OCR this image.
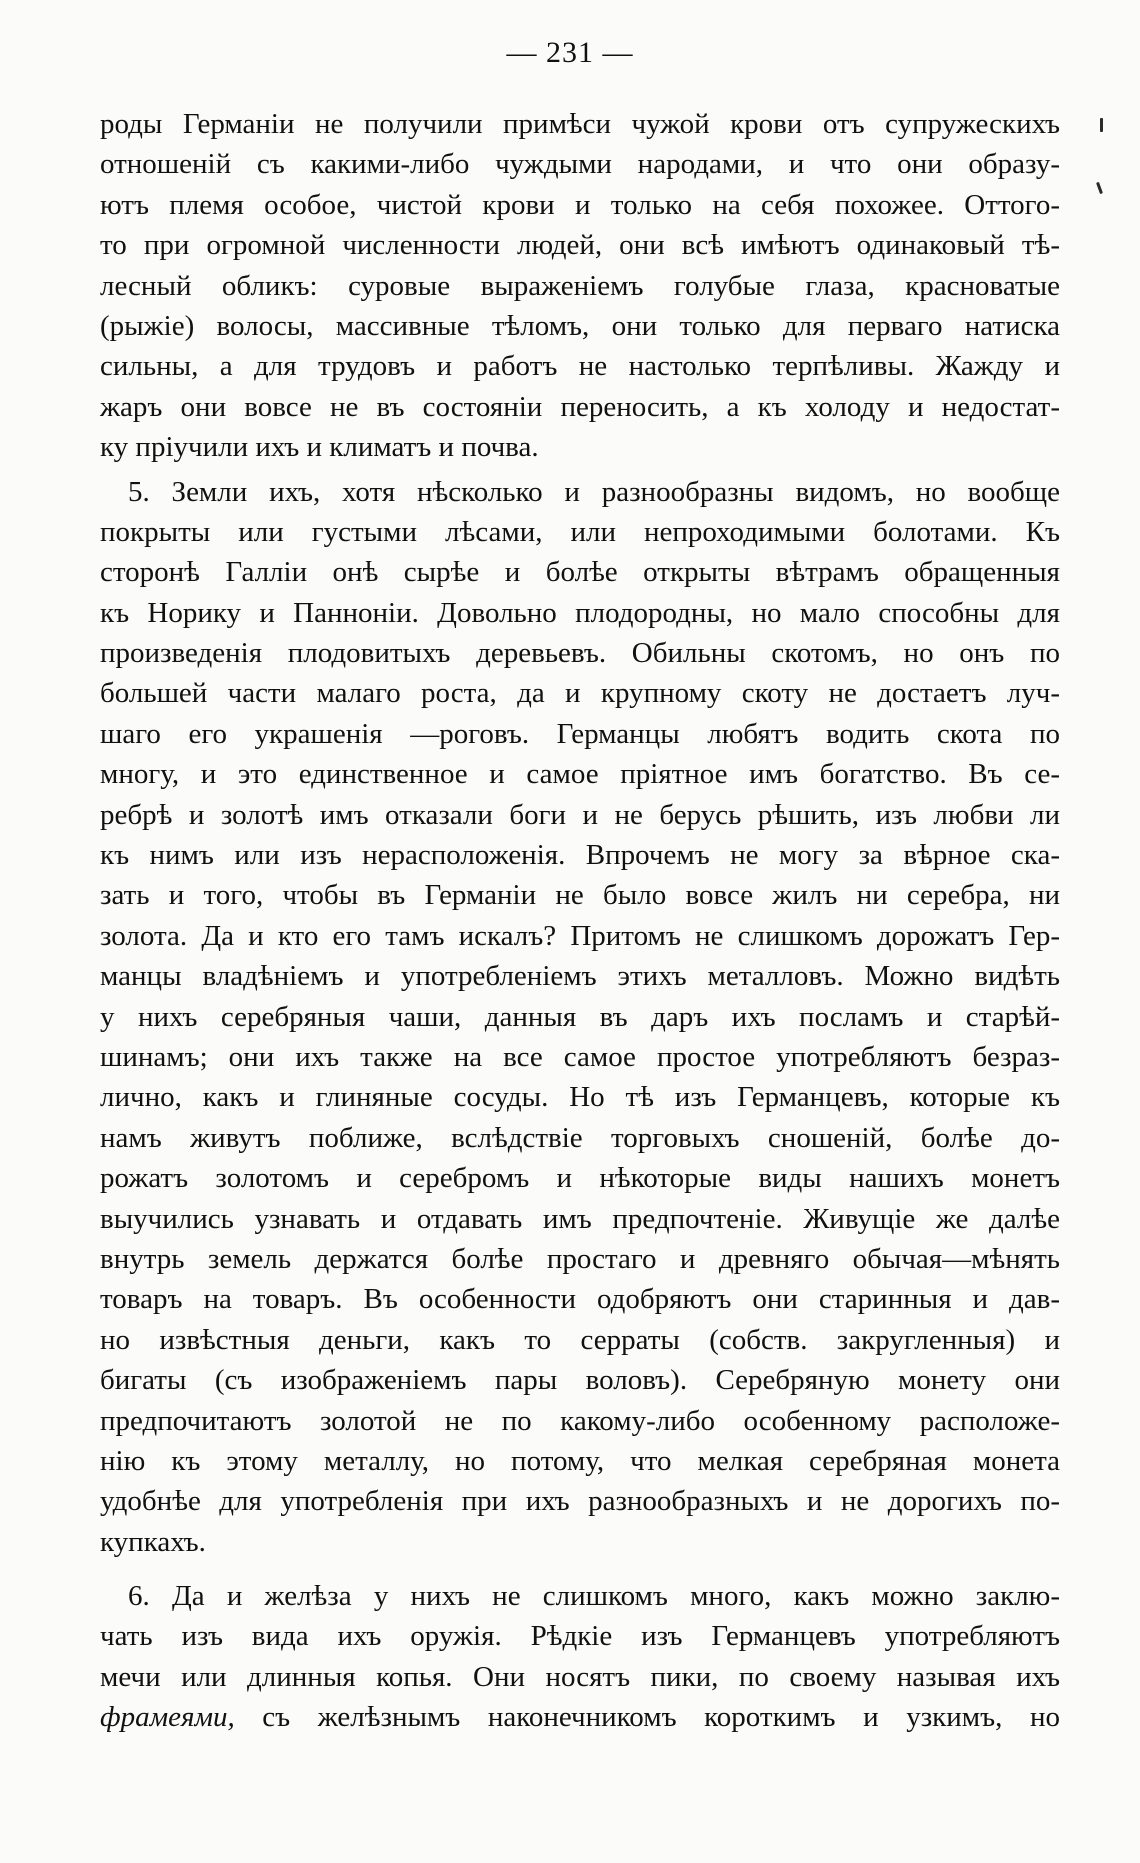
— 231 —
роды Германiи не получили примѣси чужой крови отъ супружескихъ
отношенiй съ какими-либо чуждыми народами, и что они образу-
ютъ племя особое, чистой крови и только на себя похожее. Оттого-
то при огромной численности людей, они всѣ имѣютъ одинаковый тѣ-
лесный обликъ: суровые выраженiемъ голубые глаза, красноватые
(рыжiе) волосы, массивные тѣломъ, они только для перваго натиска
сильны, а для трудовъ и работъ не настолько терпѣливы. Жажду и
жаръ они вовсе не въ состоянiи переносить, а къ холоду и недостат-
ку прiучили ихъ и климатъ и почва.
5. Земли ихъ, хотя нѣсколько и разнообразны видомъ, но вообще
покрыты или густыми лѣсами, или непроходимыми болотами. Къ
сторонѣ Галлiи онѣ сырѣе и болѣе открыты вѣтрамъ обращенныя
къ Норику и Паннонiи. Довольно плодородны, но мало способны для
произведенiя плодовитыхъ деревьевъ. Обильны скотомъ, но онъ по
большей части малаго роста, да и крупному скоту не достаетъ луч-
шаго его украшенiя —роговъ. Германцы любятъ водить скота по
многу, и это единственное и самое прiятное имъ богатство. Въ се-
ребрѣ и золотѣ имъ отказали боги и не берусь рѣшить, изъ любви ли
къ нимъ или изъ нерасположенiя. Впрочемъ не могу за вѣрное ска-
зать и того, чтобы въ Германiи не было вовсе жилъ ни серебра, ни
золота. Да и кто его тамъ искалъ? Притомъ не слишкомъ дорожатъ Гер-
манцы владѣнiемъ и употребленiемъ этихъ металловъ. Можно видѣть
у нихъ серебряныя чаши, данныя въ даръ ихъ посламъ и старѣй-
шинамъ; они ихъ также на все самое простое употребляютъ безраз-
лично, какъ и глиняные сосуды. Но тѣ изъ Германцевъ, которые къ
намъ живутъ поближе, вслѣдствiе торговыхъ сношенiй, болѣе до-
рожатъ золотомъ и серебромъ и нѣкоторые виды нашихъ монетъ
выучились узнавать и отдавать имъ предпочтенiе. Живущiе же далѣе
внутрь земель держатся болѣе простаго и древняго обычая—мѣнять
товаръ на товаръ. Въ особенности одобряютъ они старинныя и дав-
но извѣстныя деньги, какъ то серраты (собств. закругленныя) и
бигаты (съ изображенiемъ пары воловъ). Серебряную монету они
предпочитаютъ золотой не по какому-либо особенному расположе-
нiю къ этому металлу, но потому, что мелкая серебряная монета
удобнѣе для употребленiя при ихъ разнообразныхъ и не дорогихъ по-
купкахъ.
6. Да и желѣза у нихъ не слишкомъ много, какъ можно заклю-
чать изъ вида ихъ оружiя. Рѣдкiе изъ Германцевъ употребляютъ
мечи или длинныя копья. Они носятъ пики, по своему называя ихъ
фрамеями, съ желѣзнымъ наконечникомъ короткимъ и узкимъ, но
